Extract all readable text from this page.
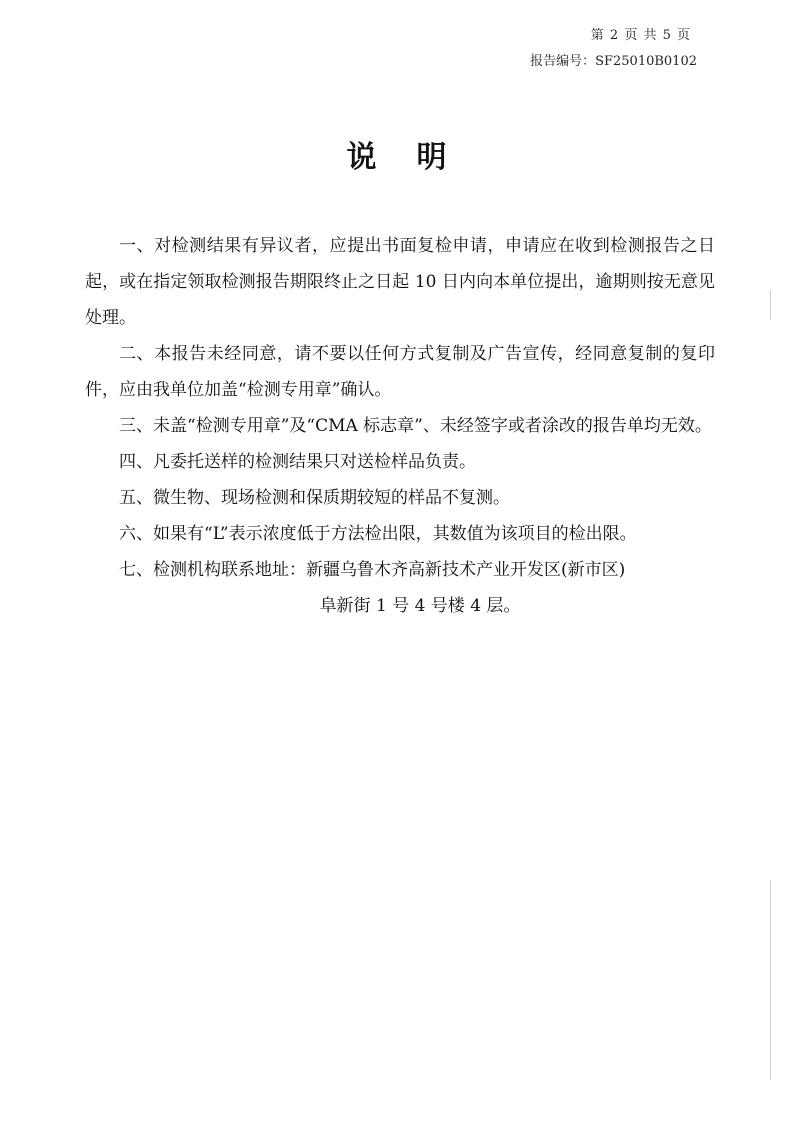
第 2 页 共 5 页
报告编号：SF25010B0102
说明

一、对检测结果有异议者，应提出书面复检申请，申请应在收到检测报告之日起，或在指定领取检测报告期限终止之日起 10 日内向本单位提出，逾期则按无意见处理。

二、本报告未经同意，请不要以任何方式复制及广告宣传，经同意复制的复印件，应由我单位加盖“检测专用章”确认。

三、未盖“检测专用章”及“CMA 标志章”、未经签字或者涂改的报告单均无效。

四、凡委托送样的检测结果只对送检样品负责。

五、微生物、现场检测和保质期较短的样品不复测。

六、如果有“L”表示浓度低于方法检出限，其数值为该项目的检出限。

七、检测机构联系地址：新疆乌鲁木齐高新技术产业开发区(新市区)

阜新街 1 号 4 号楼 4 层。
